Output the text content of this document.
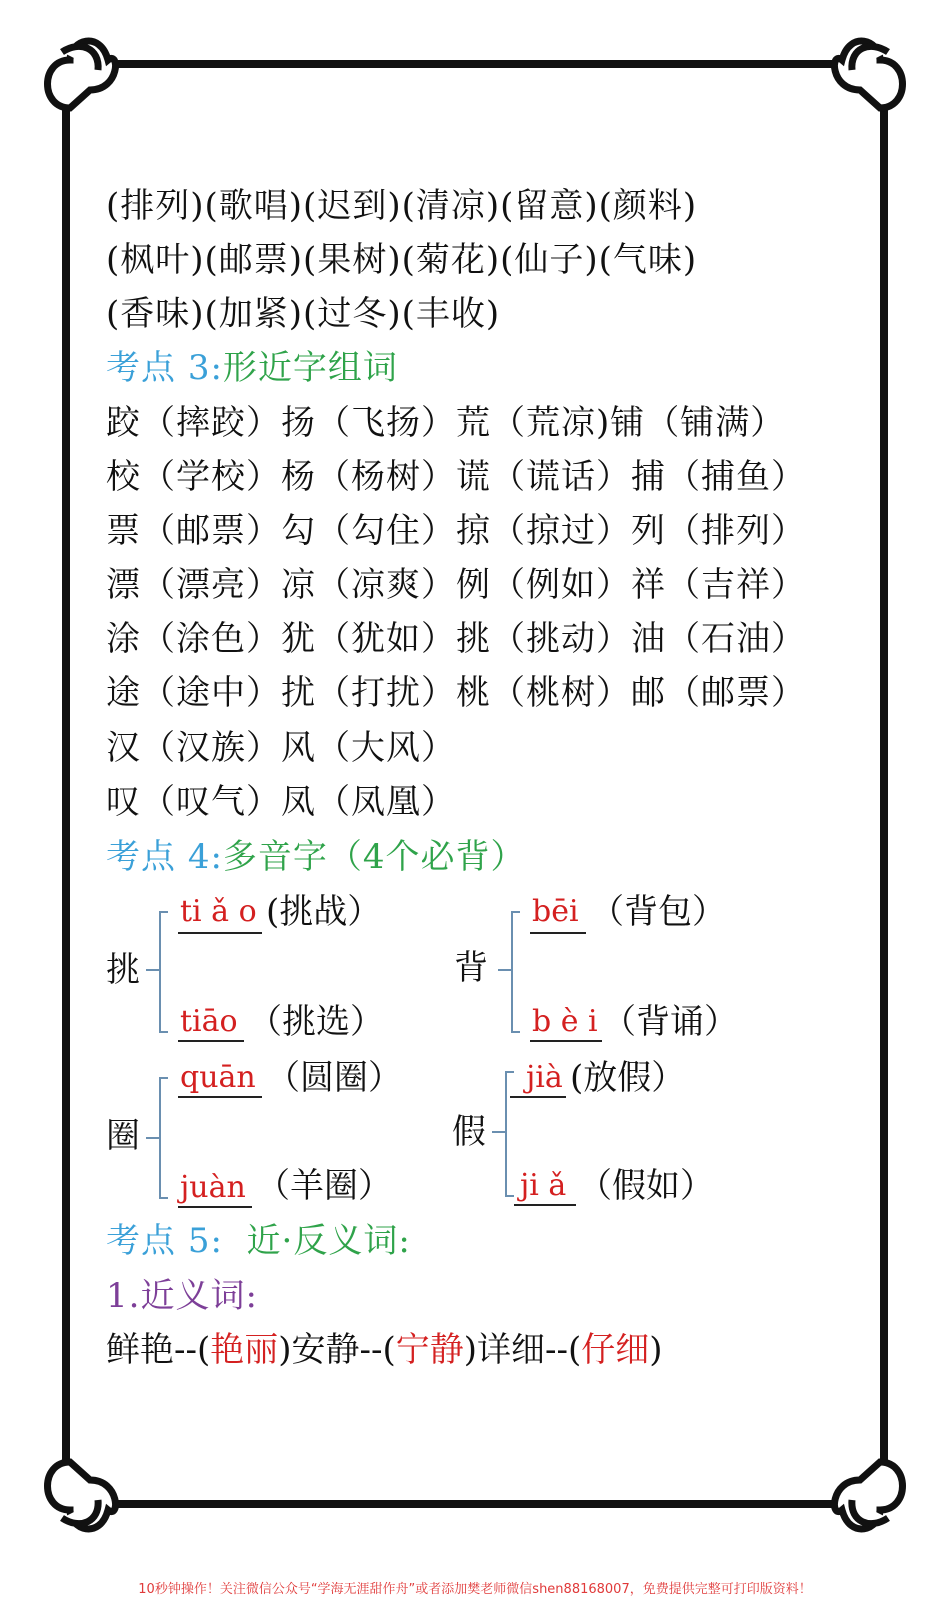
(排列)(歌唱)(迟到)(清凉)(留意)(颜料)
(枫叶)(邮票)(果树)(菊花)(仙子)(气味)
(香味)(加紧)(过冬)(丰收)
考点 3:形近字组词
跤（摔跤）扬（飞扬）荒（荒凉)铺（铺满）
校（学校）杨（杨树）谎（谎话）捕（捕鱼）
票（邮票）勾（勾住）掠（掠过）列（排列）
漂（漂亮）凉（凉爽）例（例如）祥（吉祥）
涂（涂色）犹（犹如）挑（挑动）油（石油）
途（途中）扰（打扰）桃（桃树）邮（邮票）
汉（汉族）风（大风）
叹（叹气）凤（凤凰）
考点 4:多音字（4个必背）
挑
ti ǎ o (挑战）
tiāo （挑选）
背
bēi （背包）
b è i （背诵）
圈
quān （圆圈）
juàn （羊圈）
假
jià (放假）
ji ǎ （假如）
考点 5: 近·反义词:
1.近义词:
鲜艳--(艳丽)安静--(宁静)详细--(仔细)
10秒钟操作！关注微信公众号“学海无涯甜作舟”或者添加樊老师微信shen88168007，免费提供完整可打印版资料！
